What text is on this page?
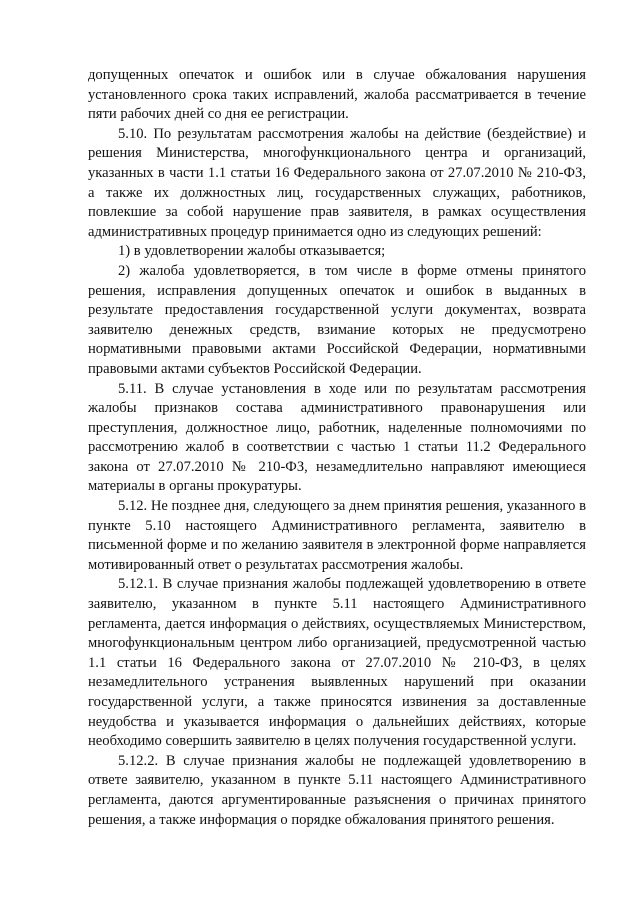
допущенных опечаток и ошибок или в случае обжалования нарушения установленного срока таких исправлений, жалоба рассматривается в течение пяти рабочих дней со дня ее регистрации.

5.10. По результатам рассмотрения жалобы на действие (бездействие) и решения Министерства, многофункционального центра и организаций, указанных в части 1.1 статьи 16 Федерального закона от 27.07.2010 № 210-ФЗ, а также их должностных лиц, государственных служащих, работников, повлекшие за собой нарушение прав заявителя, в рамках осуществления административных процедур принимается одно из следующих решений:

1) в удовлетворении жалобы отказывается;

2) жалоба удовлетворяется, в том числе в форме отмены принятого решения, исправления допущенных опечаток и ошибок в выданных в результате предоставления государственной услуги документах, возврата заявителю денежных средств, взимание которых не предусмотрено нормативными правовыми актами Российской Федерации, нормативными правовыми актами субъектов Российской Федерации.

5.11. В случае установления в ходе или по результатам рассмотрения жалобы признаков состава административного правонарушения или преступления, должностное лицо, работник, наделенные полномочиями по рассмотрению жалоб в соответствии с частью 1 статьи 11.2 Федерального закона от 27.07.2010 № 210-ФЗ, незамедлительно направляют имеющиеся материалы в органы прокуратуры.

5.12. Не позднее дня, следующего за днем принятия решения, указанного в пункте 5.10 настоящего Административного регламента, заявителю в письменной форме и по желанию заявителя в электронной форме направляется мотивированный ответ о результатах рассмотрения жалобы.

5.12.1. В случае признания жалобы подлежащей удовлетворению в ответе заявителю, указанном в пункте 5.11 настоящего Административного регламента, дается информация о действиях, осуществляемых Министерством, многофункциональным центром либо организацией, предусмотренной частью 1.1 статьи 16 Федерального закона от 27.07.2010 № 210-ФЗ, в целях незамедлительного устранения выявленных нарушений при оказании государственной услуги, а также приносятся извинения за доставленные неудобства и указывается информация о дальнейших действиях, которые необходимо совершить заявителю в целях получения государственной услуги.

5.12.2. В случае признания жалобы не подлежащей удовлетворению в ответе заявителю, указанном в пункте 5.11 настоящего Административного регламента, даются аргументированные разъяснения о причинах принятого решения, а также информация о порядке обжалования принятого решения.
